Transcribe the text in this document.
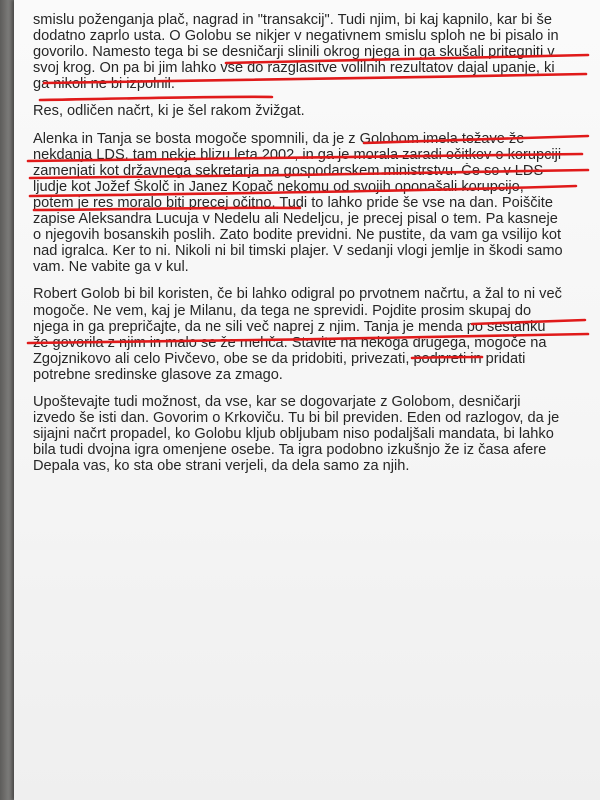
smislu poženganja plač, nagrad in "transakcij". Tudi njim, bi kaj kapnilo, kar bi še
dodatno zaprlo usta. O Golobu se nikjer v negativnem smislu sploh ne bi pisalo in
govorilo. Namesto tega bi se desničarji slinili okrog njega in ga skušali pritegniti v
svoj krog. On pa bi jim lahko vse do razglasitve volilnih rezultatov dajal upanje, ki
ga nikoli ne bi izpolnil.
Res, odličen načrt, ki je šel rakom žvižgat.
Alenka in Tanja se bosta mogoče spomnili, da je z Golobom imela težave že
nekdanja LDS, tam nekje blizu leta 2002, in ga je morala zaradi očitkov o korupciji
zamenjati kot državnega sekretarja na gospodarskem ministrstvu. Če so v LDS
ljudje kot Jožef Školč in Janez Kopač nekomu od svojih oponašali korupcijo,
potem je res moralo biti precej očitno. Tudi to lahko pride še vse na dan. Poiščite
zapise Aleksandra Lucuja v Nedelu ali Nedeljcu, je precej pisal o tem. Pa kasneje
o njegovih bosanskih poslih. Zato bodite previdni. Ne pustite, da vam ga vsilijo kot
nad igralca. Ker to ni. Nikoli ni bil timski plajer. V sedanji vlogi jemlje in škodi samo
vam. Ne vabite ga v kul.
Robert Golob bi bil koristen, če bi lahko odigral po prvotnem načrtu, a žal to ni več
mogoče. Ne vem, kaj je Milanu, da tega ne sprevidi. Pojdite prosim skupaj do
njega in ga prepričajte, da ne sili več naprej z njim. Tanja je menda po sestanku
že govorila z njim in malo se že mehča. Stavite na nekoga drugega, mogoče na
Zgojznikovo ali celo Pivčevo, obe se da pridobiti, privezati, podpreti in pridati
potrebne sredinske glasove za zmago.
Upoštevajte tudi možnost, da vse, kar se dogovarjate z Golobom, desničarji
izvedo še isti dan. Govorim o Krkoviču. Tu bi bil previden. Eden od razlogov, da je
sijajni načrt propadel, ko Golobu kljub obljubam niso podaljšali mandata, bi lahko
bila tudi dvojna igra omenjene osebe. Ta igra podobno izkušnjo že iz časa afere
Depala vas, ko sta obe strani verjeli, da dela samo za njih.
